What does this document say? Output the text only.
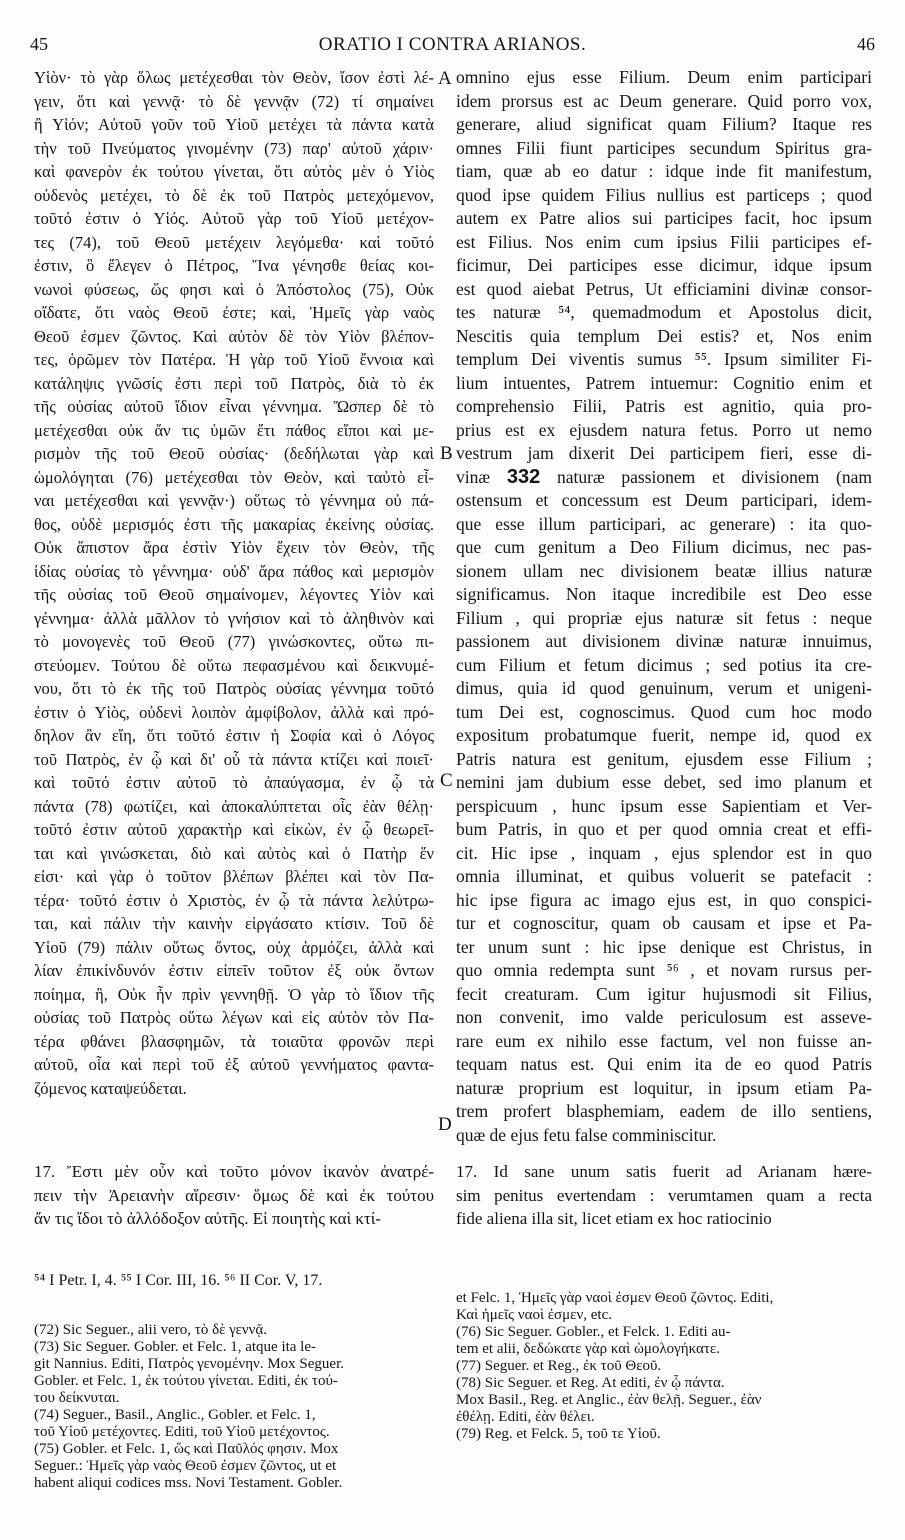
45	ORATIO I CONTRA ARIANOS.	46
Υἱὸν· τὸ γὰρ ὅλως μετέχεσθαι τὸν Θεὸν, ἴσον ἐστὶ λέ-
γειν, ὅτι καὶ γεννᾷ· τὸ δὲ γεννᾷν (72) τί σημαίνει
ἢ Υἱόν; Αὐτοῦ γοῦν τοῦ Υἱοῦ μετέχει τὰ πάντα κατὰ
τὴν τοῦ Πνεύματος γινομένην (73) παρ' αὐτοῦ χάριν·
καὶ φανερὸν ἐκ τούτου γίνεται, ὅτι αὐτὸς μὲν ὁ Υἱὸς
οὐδενὸς μετέχει, τὸ δὲ ἐκ τοῦ Πατρὸς μετεχόμενον,
τοῦτό ἐστιν ὁ Υἱός. Αὐτοῦ γὰρ τοῦ Υἱοῦ μετέχον-
τες (74), τοῦ Θεοῦ μετέχειν λεγόμεθα· καὶ τοῦτό
ἐστιν, ὃ ἔλεγεν ὁ Πέτρος, Ἵνα γένησθε θείας κοι-
νωνοὶ φύσεως, ὥς φησι καὶ ὁ Ἀπόστολος (75), Οὐκ
οἴδατε, ὅτι ναὸς Θεοῦ ἐστε; καὶ, Ἡμεῖς γὰρ ναὸς
Θεοῦ ἐσμεν ζῶντος. Καὶ αὐτὸν δὲ τὸν Υἱὸν βλέπον-
τες, ὁρῶμεν τὸν Πατέρα. Ἡ γὰρ τοῦ Υἱοῦ ἔννοια καὶ
κατάληψις γνῶσίς ἐστι περὶ τοῦ Πατρὸς, διὰ τὸ ἐκ
τῆς οὐσίας αὐτοῦ ἴδιον εἶναι γέννημα. Ὥσπερ δὲ τὸ
μετέχεσθαι οὐκ ἄν τις ὑμῶν ἔτι πάθος εἴποι καὶ με-
ρισμὸν τῆς τοῦ Θεοῦ οὐσίας· (δεδήλωται γὰρ καὶ
ὡμολόγηται (76) μετέχεσθαι τὸν Θεὸν, καὶ ταὐτὸ εἶ-
ναι μετέχεσθαι καὶ γεννᾷν·) οὕτως τὸ γέννημα οὐ πά-
θος, οὐδὲ μερισμός ἐστι τῆς μακαρίας ἐκείνης οὐσίας.
Οὐκ ἄπιστον ἄρα ἐστὶν Υἱὸν ἔχειν τὸν Θεὸν, τῆς
ἰδίας οὐσίας τὸ γέννημα· οὐδ' ἄρα πάθος καὶ μερισμὸν
τῆς οὐσίας τοῦ Θεοῦ σημαίνομεν, λέγοντες Υἱὸν καὶ
γέννημα· ἀλλὰ μᾶλλον τὸ γνήσιον καὶ τὸ ἀληθινὸν καὶ
τὸ μονογενὲς τοῦ Θεοῦ (77) γινώσκοντες, οὕτω πι-
στεύομεν. Τούτου δὲ οὕτω πεφασμένου καὶ δεικνυμέ-
νου, ὅτι τὸ ἐκ τῆς τοῦ Πατρὸς οὐσίας γέννημα τοῦτό
ἐστιν ὁ Υἱὸς, οὐδενὶ λοιπὸν ἀμφίβολον, ἀλλὰ καὶ πρό-
δηλον ἂν εἴη, ὅτι τοῦτό ἐστιν ἡ Σοφία καὶ ὁ Λόγος
τοῦ Πατρὸς, ἐν ᾧ καὶ δι' οὗ τὰ πάντα κτίζει καὶ ποιεῖ·
καὶ τοῦτό ἐστιν αὐτοῦ τὸ ἀπαύγασμα, ἐν ᾧ τὰ
πάντα (78) φωτίζει, καὶ ἀποκαλύπτεται οἷς ἐὰν θέλῃ·
τοῦτό ἐστιν αὐτοῦ χαρακτὴρ καὶ εἰκὼν, ἐν ᾧ θεωρεῖ-
ται καὶ γινώσκεται, διὸ καὶ αὐτὸς καὶ ὁ Πατὴρ ἕν
εἰσι· καὶ γὰρ ὁ τοῦτον βλέπων βλέπει καὶ τὸν Πα-
τέρα· τοῦτό ἐστιν ὁ Χριστὸς, ἐν ᾧ τὰ πάντα λελύτρω-
ται, καὶ πάλιν τὴν καινὴν εἰργάσατο κτίσιν. Τοῦ δὲ
Υἱοῦ (79) πάλιν οὕτως ὄντος, οὐχ ἁρμόζει, ἀλλὰ καὶ
λίαν ἐπικίνδυνόν ἐστιν εἰπεῖν τοῦτον ἐξ οὐκ ὄντων
ποίημα, ἢ, Οὐκ ἦν πρὶν γεννηθῇ. Ὁ γὰρ τὸ ἴδιον τῆς
οὐσίας τοῦ Πατρὸς οὕτω λέγων καὶ εἰς αὐτὸν τὸν Πα-
τέρα φθάνει βλασφημῶν, τὰ τοιαῦτα φρονῶν περὶ
αὐτοῦ, οἷα καὶ περὶ τοῦ ἐξ αὐτοῦ γεννήματος φαντα-
ζόμενος καταψεύδεται.
omnino ejus esse Filium. Deum enim participari
idem prorsus est ac Deum generare. Quid porro vox,
generare, aliud significat quam Filium? Itaque res
omnes Filii fiunt participes secundum Spiritus gra-
tiam, quæ ab eo datur : idque inde fit manifestum,
quod ipse quidem Filius nullius est particeps ; quod
autem ex Patre alios sui participes facit, hoc ipsum
est Filius. Nos enim cum ipsius Filii participes ef-
ficimur, Dei participes esse dicimur, idque ipsum
est quod aiebat Petrus, Ut efficiamini divinæ consor-
tes naturæ ⁵⁴, quemadmodum et Apostolus dicit,
Nescitis quia templum Dei estis? et, Nos enim
templum Dei viventis sumus ⁵⁵. Ipsum similiter Fi-
lium intuentes, Patrem intuemur: Cognitio enim et
comprehensio Filii, Patris est agnitio, quia pro-
prius est ex ejusdem natura fetus. Porro ut nemo
vestrum jam dixerit Dei participem fieri, esse di-
vinæ 332 naturæ passionem et divisionem (nam
ostensum et concessum est Deum participari, idem-
que esse illum participari, ac generare) : ita quo-
que cum genitum a Deo Filium dicimus, nec pas-
sionem ullam nec divisionem beatæ illius naturæ
significamus. Non itaque incredibile est Deo esse
Filium , qui propriæ ejus naturæ sit fetus : neque
passionem aut divisionem divinæ naturæ innuimus,
cum Filium et fetum dicimus ; sed potius ita cre-
dimus, quia id quod genuinum, verum et unigeni-
tum Dei est, cognoscimus. Quod cum hoc modo
expositum probatumque fuerit, nempe id, quod ex
Patris natura est genitum, ejusdem esse Filium ;
nemini jam dubium esse debet, sed imo planum et
perspicuum , hunc ipsum esse Sapientiam et Ver-
bum Patris, in quo et per quod omnia creat et effi-
cit. Hic ipse , inquam , ejus splendor est in quo
omnia illuminat, et quibus voluerit se patefacit :
hic ipse figura ac imago ejus est, in quo conspici-
tur et cognoscitur, quam ob causam et ipse et Pa-
ter unum sunt : hic ipse denique est Christus, in
quo omnia redempta sunt ⁵⁶ , et novam rursus per-
fecit creaturam. Cum igitur hujusmodi sit Filius,
non convenit, imo valde periculosum est asseve-
rare eum ex nihilo esse factum, vel non fuisse an-
tequam natus est. Qui enim ita de eo quod Patris
naturæ proprium est loquitur, in ipsum etiam Pa-
trem profert blasphemiam, eadem de illo sentiens,
quæ de ejus fetu false comminiscitur.
A
B
C
D
17. Ἔστι μὲν οὖν καὶ τοῦτο μόνον ἱκανὸν ἀνατρέ-
πειν τὴν Ἀρειανὴν αἵρεσιν· ὅμως δὲ καὶ ἐκ τούτου
ἄν τις ἴδοι τὸ ἀλλόδοξον αὐτῆς. Εἰ ποιητὴς καὶ κτί-
17. Id sane unum satis fuerit ad Arianam hære-
sim penitus evertendam : verumtamen quam a recta
fide aliena illa sit, licet etiam ex hoc ratiocinio
⁵⁴ I Petr. I, 4. ⁵⁵ I Cor. III, 16. ⁵⁶ II Cor. V, 17.
(72) Sic Seguer., alii vero, τὸ δὲ γεννᾷ.
(73) Sic Seguer. Gobler. et Felc. 1, atque ita le-
git Nannius. Editi, Πατρὸς γενομένην. Mox Seguer.
Gobler. et Felc. 1, ἐκ τούτου γίνεται. Editi, ἐκ τού-
του δείκνυται.
(74) Seguer., Basil., Anglic., Gobler. et Felc. 1,
τοῦ Υἱοῦ μετέχοντες. Editi, τοῦ Υἱοῦ μετέχοντος.
(75) Gobler. et Felc. 1, ὥς καὶ Παῦλός φησιν. Mox
Seguer.: Ἡμεῖς γὰρ ναὸς Θεοῦ ἐσμεν ζῶντος, ut et
habent aliqui codices mss. Novi Testament. Gobler.
et Felc. 1, Ἡμεῖς γὰρ ναοὶ ἐσμεν Θεοῦ ζῶντος. Editi,
Καὶ ἡμεῖς ναοὶ ἐσμεν, etc.
(76) Sic Seguer. Gobler., et Felck. 1. Editi au-
tem et alii, δεδώκατε γὰρ καὶ ὡμολογήκατε.
(77) Seguer. et Reg., ἐκ τοῦ Θεοῦ.
(78) Sic Seguer. et Reg. At editi, ἐν ᾧ πάντα.
Mox Basil., Reg. et Anglic., ἐὰν θελῇ. Seguer., ἐὰν
ἐθέλῃ. Editi, ἐὰν θέλει.
(79) Reg. et Felck. 5, τοῦ τε Υἱοῦ.
